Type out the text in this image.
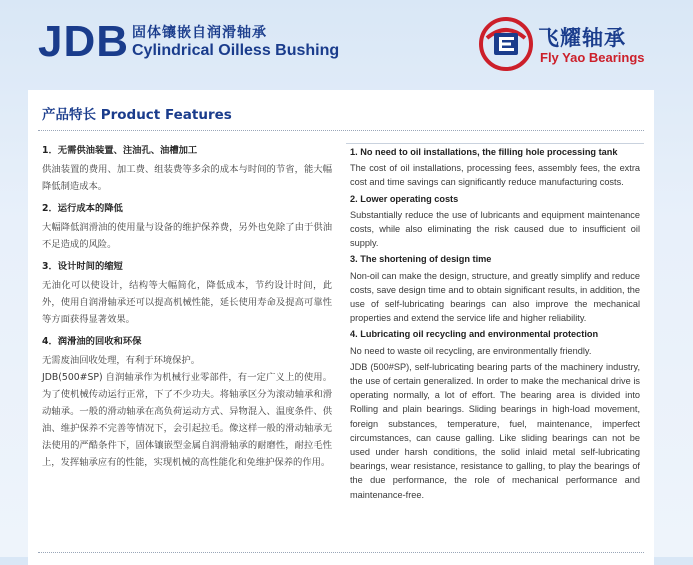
JDB 固体镶嵌自润滑轴承
Cylindrical Oilless Bushing
飞耀轴承
Fly Yao Bearings
产品特长 Product Features

1．无需供油装置、注油孔、油槽加工

供油装置的费用、加工费、组装费等多余的成本与时间的节省，能大幅降低制造成本。

2．运行成本的降低

大幅降低润滑油的使用量与设备的维护保养费，另外也免除了由于供油不足造成的风险。

3．设计时间的缩短

无油化可以使设计，结构等大幅简化，降低成本，节约设计时间，此外，使用自润滑轴承还可以提高机械性能，延长使用寿命及提高可靠性等方面获得显著效果。

4．润滑油的回收和环保

无需废油回收处理，有利于环境保护。

JDB(500#SP) 自润轴承作为机械行业零部件，有一定广义上的使用。为了使机械传动运行正常，下了不少功夫。将轴承区分为滚动轴承和滑动轴承。一般的滑动轴承在高负荷运动方式、异物混入、温度条件、供油、维护保养不完善等情况下，会引起拉毛。像这样一般的滑动轴承无法使用的严酷条件下，固体镶嵌型金属自润滑轴承的耐磨性，耐拉毛性上，发挥轴承应有的性能，实现机械的高性能化和免维护保养的作用。

1. No need to oil installations, the filling hole processing tank

The cost of oil installations, processing fees, assembly fees, the extra cost and time savings can significantly reduce manufacturing costs.

2. Lower operating costs

Substantially reduce the use of lubricants and equipment maintenance costs, while also eliminating the risk caused due to insufficient oil supply.

3. The shortening of design time

Non-oil can make the design, structure, and greatly simplify and reduce costs, save design time and to obtain significant results, in addition, the use of self-lubricating bearings can also improve the mechanical properties and extend the service life and higher reliability.

4. Lubricating oil recycling and environmental protection

No need to waste oil recycling, are environmentally friendly.

JDB (500#SP), self-lubricating bearing parts of the machinery industry, the use of certain generalized. In order to make the mechanical drive is operating normally, a lot of effort. The bearing area is divided into Rolling and plain bearings. Sliding bearings in high-load movement, foreign substances, temperature, fuel, maintenance, imperfect circumstances, can cause galling. Like sliding bearings can not be used under harsh conditions, the solid inlaid metal self-lubricating bearings, wear resistance, resistance to galling, to play the bearings of the due performance, the role of mechanical performance and maintenance-free.
